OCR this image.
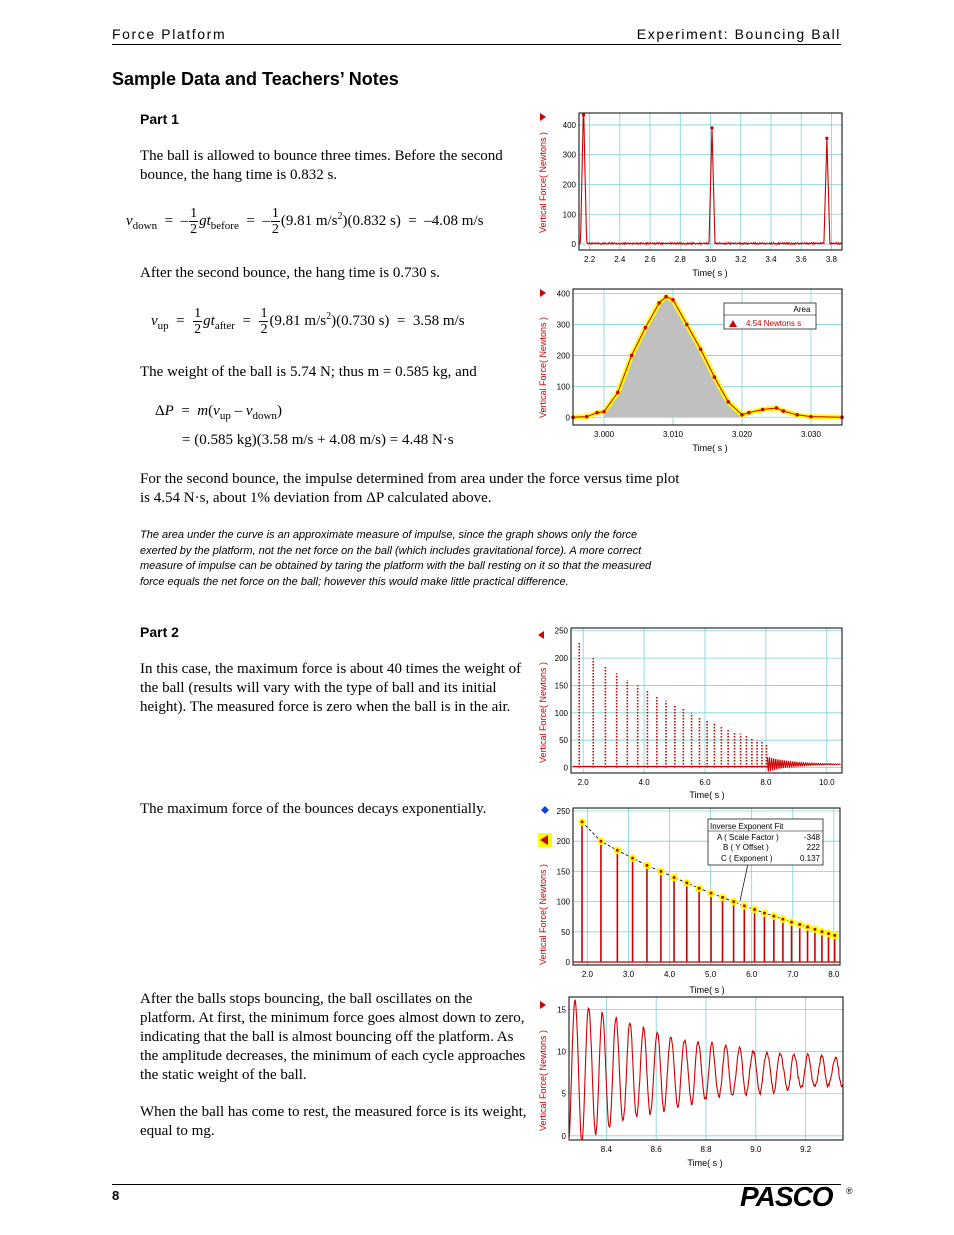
Force Platform	Experiment: Bouncing Ball
Sample Data and Teachers’ Notes
Part 1
The ball is allowed to bounce three times. Before the second bounce, the hang time is 0.832 s.
$v_{down}$  =  – $\frac{1}{2} gt_{before}$  =  – $\frac{1}{2} (9.81$ $m/s^2)(0.832$ s)  =  –4.08 m/s
After the second bounce, the hang time is 0.730 s.
$v_{up} = \frac{1}{2} gt_{after} = \frac{1}{2} (9.81$ $m/s^2)(0.730$ s)  =  3.58 m/s
The weight of the ball is 5.74 N; thus m = 0.585 kg, and
$\Delta P = m(v_{up} - v_{down})$
= (0.585 kg)(3.58 m/s + 4.08 m/s) = 4.48 N·s
For the second bounce, the impulse determined from area under the force versus time plot is 4.54 N·s, about 1% deviation from ΔP calculated above.
The area under the curve is an approximate measure of impulse, since the graph shows only the force exerted by the platform, not the net force on the ball (which includes gravitational force). A more correct measure of impulse can be obtained by taring the platform with the ball resting on it so that the measured force equals the net force on the ball; however this would make little practical difference.
Part 2
In this case, the maximum force is about 40 times the weight of the ball (results will vary with the type of ball and its initial height). The measured force is zero when the ball is in the air.
The maximum force of the bounces decays exponentially.
After the balls stops bouncing, the ball oscillates on the platform. At first, the minimum force goes almost down to zero, indicating that the ball is almost bouncing off the platform. As the amplitude decreases, the minimum of each cycle approaches the static weight of the ball.
When the ball has come to rest, the measured force is its weight, equal to mg.
Vertical Force( Newtons )
2.2 2.4 2.6 2.8 3.0 3.2 3.4 3.6 3.8
0
100
200
300
400
Time( s )
Vertical Force( Newtons )
3.000	3.010	3.020	3.030
0
100
200
300
400
Area
4.54 Newtons s
Time( s )
Vertical Force( Newtons )
2.0	4.0	6.0	8.0	10.0
0
50
100
150
200
250
Time( s )
Vertical Force( Newtons )
2.0	3.0	4.0	5.0	6.0	7.0	8.0
0
50
100
150
200
250
Inverse Exponent Fit
A ( Scale Factor )	-348
B ( Y Offset )	222
C ( Exponent )	0.137
Time( s )
Vertical Force( Newtons )
8.4	8.6	8.8	9.0	9.2
0
5
10
15
Time( s )
8	PASCO ®
